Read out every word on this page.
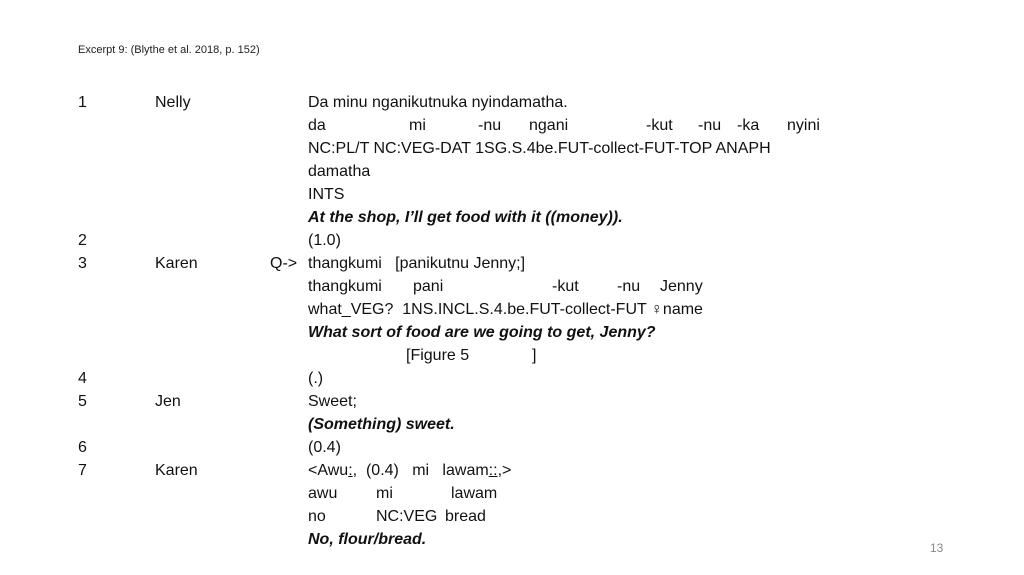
Excerpt 9: (Blythe et al. 2018, p. 152)
1	Nelly	Da minu nganikutnuka nyindamatha.
da	mi	-nu ngani	-kut -nu -ka nyini
NC:PL/T NC:VEG-DAT 1SG.S.4be.FUT-collect-FUT-TOP ANAPH
damatha
INTS
At the shop, I’ll get food with it ((money)).
2	(1.0)
3	Karen	Q-> thangkumi   [panikutnu Jenny;]
thangkumi pani	-kut -nu Jenny
what_VEG?  1NS.INCL.S.4.be.FUT-collect-FUT ♀name
What sort of food are we going to get, Jenny?
[Figure 5	]
4	(.)
5	Jen	Sweet;
(Something) sweet.
6	(0.4)
7	Karen	<Awu:,  (0.4)   mi   lawam::,>
awu mi	lawam
no	NC:VEG bread
No, flour/bread.	13
